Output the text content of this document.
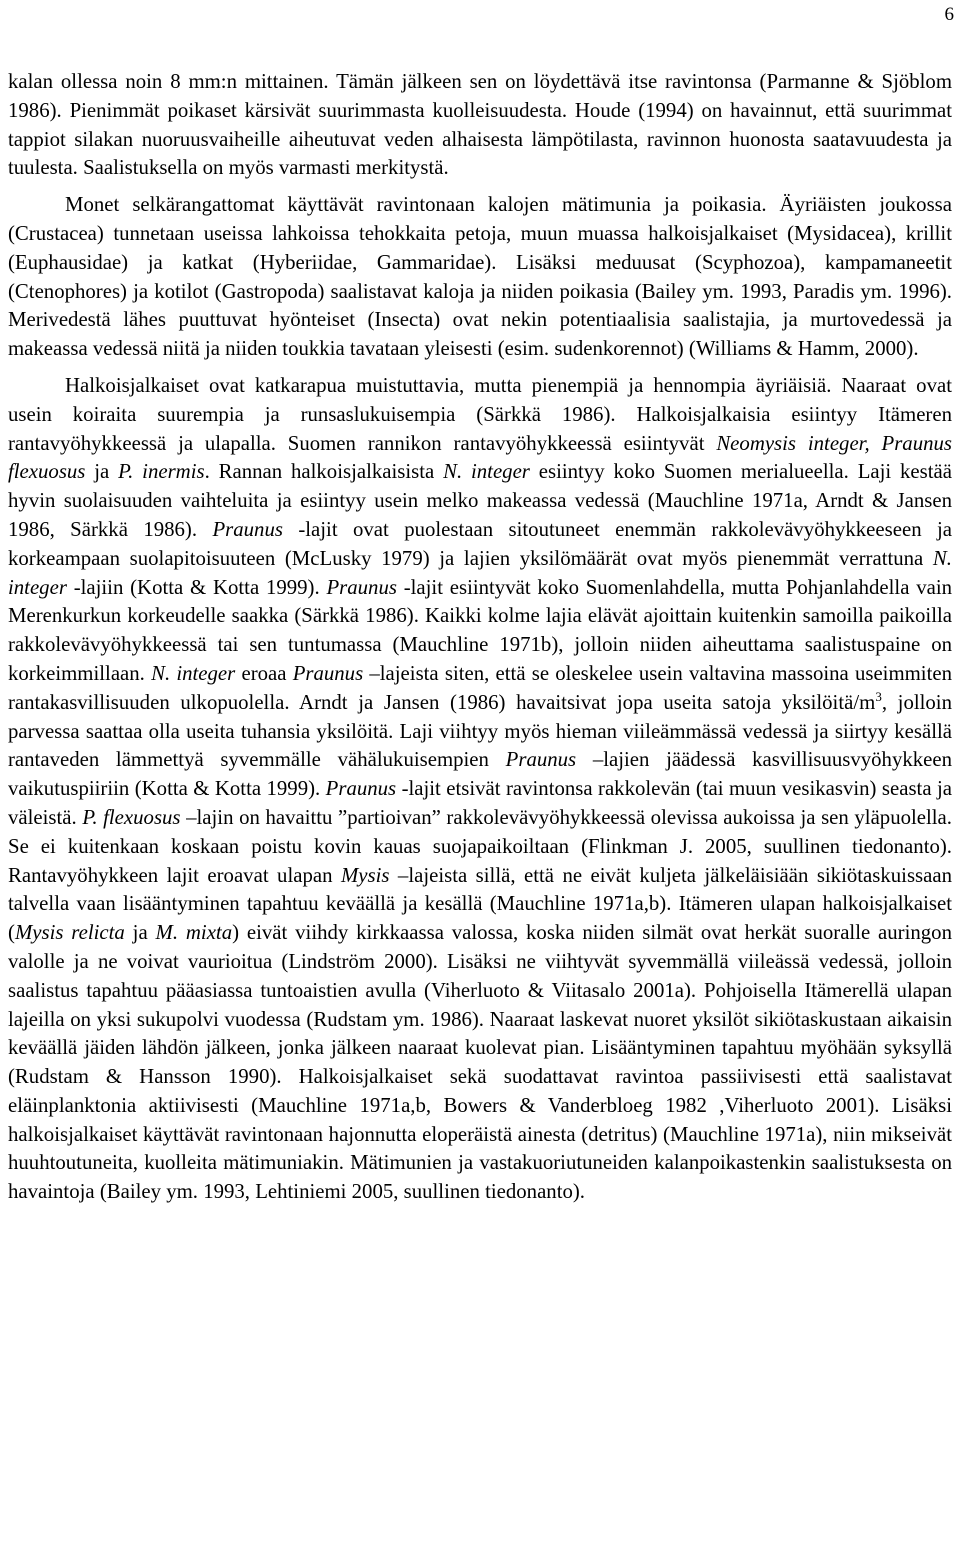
6

kalan ollessa noin 8 mm:n mittainen. Tämän jälkeen sen on löydettävä itse ravintonsa (Parmanne & Sjöblom 1986). Pienimmät poikaset kärsivät suurimmasta kuolleisuudesta. Houde (1994) on havainnut, että suurimmat tappiot silakan nuoruusvaiheille aiheutuvat veden alhaisesta lämpötilasta, ravinnon huonosta saatavuudesta ja tuulesta. Saalistuksella on myös varmasti merkitystä.

Monet selkärangattomat käyttävät ravintonaan kalojen mätimunia ja poikasia. Äyriäisten joukossa (Crustacea) tunnetaan useissa lahkoissa tehokkaita petoja, muun muassa halkoisjalkaiset (Mysidacea), krillit (Euphausidae) ja katkat (Hyberiidae, Gammaridae). Lisäksi meduusat (Scyphozoa), kampamaneetit (Ctenophores) ja kotilot (Gastropoda) saalistavat kaloja ja niiden poikasia (Bailey ym. 1993, Paradis ym. 1996). Merivedestä lähes puuttuvat hyönteiset (Insecta) ovat nekin potentiaalisia saalistajia, ja murtovedessä ja makeassa vedessä niitä ja niiden toukkia tavataan yleisesti (esim. sudenkorennot) (Williams & Hamm, 2000).

Halkoisjalkaiset ovat katkarapua muistuttavia, mutta pienempiä ja hennompia äyriäisiä. Naaraat ovat usein koiraita suurempia ja runsaslukuisempia (Särkkä 1986). Halkoisjalkaisia esiintyy Itämeren rantavyöhykkeessä ja ulapalla. Suomen rannikon rantavyöhykkeessä esiintyvät Neomysis integer, Praunus flexuosus ja P. inermis. Rannan halkoisjalkaisista N. integer esiintyy koko Suomen merialueella. Laji kestää hyvin suolaisuuden vaihteluita ja esiintyy usein melko makeassa vedessä (Mauchline 1971a, Arndt & Jansen 1986, Särkkä 1986). Praunus -lajit ovat puolestaan sitoutuneet enemmän rakkolevävyöhykkeeseen ja korkeampaan suolapitoisuuteen (McLusky 1979) ja lajien yksilömäärät ovat myös pienemmät verrattuna N. integer -lajiin (Kotta & Kotta 1999). Praunus -lajit esiintyvät koko Suomenlahdella, mutta Pohjanlahdella vain Merenkurkun korkeudelle saakka (Särkkä 1986). Kaikki kolme lajia elävät ajoittain kuitenkin samoilla paikoilla rakkolevävyöhykkeessä tai sen tuntumassa (Mauchline 1971b), jolloin niiden aiheuttama saalistuspaine on korkeimmillaan. N. integer eroaa Praunus –lajeista siten, että se oleskelee usein valtavina massoina useimmiten rantakasvillisuuden ulkopuolella. Arndt ja Jansen (1986) havaitsivat jopa useita satoja yksilöitä/$m^3$, jolloin parvessa saattaa olla useita tuhansia yksilöitä. Laji viihtyy myös hieman viileämmässä vedessä ja siirtyy kesällä rantaveden lämmettyä syvemmälle vähälukuisempien Praunus –lajien jäädessä kasvillisuusvyöhykkeen vaikutuspiiriin (Kotta & Kotta 1999). Praunus -lajit etsivät ravintonsa rakkolevän (tai muun vesikasvin) seasta ja väleistä. P. flexuosus –lajin on havaittu ”partioivan” rakkolevävyöhykkeessä olevissa aukoissa ja sen yläpuolella. Se ei kuitenkaan koskaan poistu kovin kauas suojapaikoiltaan (Flinkman J. 2005, suullinen tiedonanto). Rantavyöhykkeen lajit eroavat ulapan Mysis –lajeista sillä, että ne eivät kuljeta jälkeläisiään sikiötaskuissaan talvella vaan lisääntyminen tapahtuu keväällä ja kesällä (Mauchline 1971a,b). Itämeren ulapan halkoisjalkaiset (Mysis relicta ja M. mixta) eivät viihdy kirkkaassa valossa, koska niiden silmät ovat herkät suoralle auringon valolle ja ne voivat vaurioitua (Lindström 2000). Lisäksi ne viihtyvät syvemmällä viileässä vedessä, jolloin saalistus tapahtuu pääasiassa tuntoaistien avulla (Viherluoto & Viitasalo 2001a). Pohjoisella Itämerellä ulapan lajeilla on yksi sukupolvi vuodessa (Rudstam ym. 1986). Naaraat laskevat nuoret yksilöt sikiötaskustaan aikaisin keväällä jäiden lähdön jälkeen, jonka jälkeen naaraat kuolevat pian. Lisääntyminen tapahtuu myöhään syksyllä (Rudstam & Hansson 1990). Halkoisjalkaiset sekä suodattavat ravintoa passiivisesti että saalistavat eläinplanktonia aktiivisesti (Mauchline 1971a,b, Bowers & Vanderbloeg 1982 ,Viherluoto 2001). Lisäksi halkoisjalkaiset käyttävät ravintonaan hajonnutta eloperäistä ainesta (detritus) (Mauchline 1971a), niin mikseivät huuhtoutuneita, kuolleita mätimuniakin. Mätimunien ja vastakuoriutuneiden kalanpoikastenkin saalistuksesta on havaintoja (Bailey ym. 1993, Lehtiniemi 2005, suullinen tiedonanto).
